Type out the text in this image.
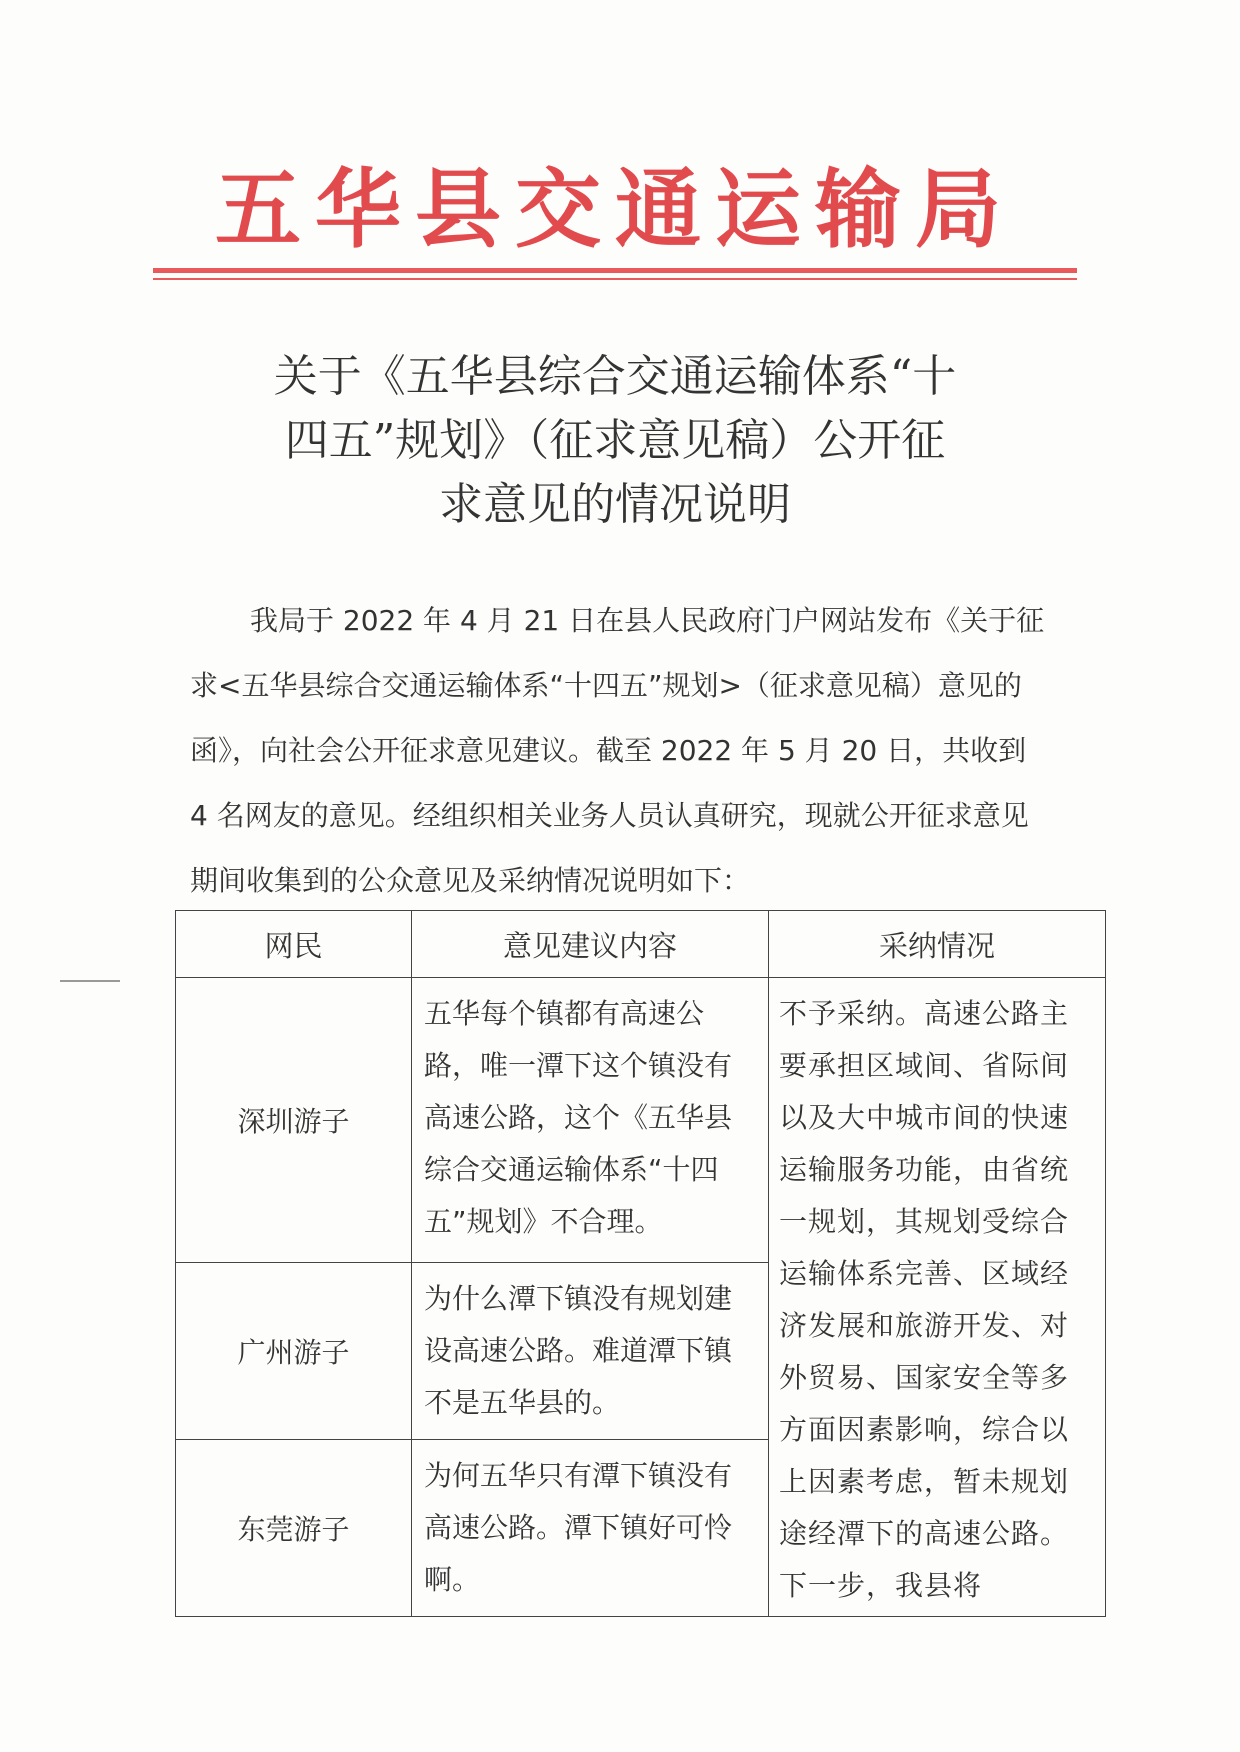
五华县交通运输局
关于《五华县综合交通运输体系“十
四五”规划》（征求意见稿）公开征
求意见的情况说明

我局于 2022 年 4 月 21 日在县人民政府门户网站发布《关于征求<五华县综合交通运输体系“十四五”规划>（征求意见稿）意见的函》，向社会公开征求意见建议。截至 2022 年 5 月 20 日，共收到 4 名网友的意见。经组织相关业务人员认真研究，现就公开征求意见期间收集到的公众意见及采纳情况说明如下：

网民	意见建议内容	采纳情况
深圳游子	五华每个镇都有高速公路，唯一潭下这个镇没有高速公路，这个《五华县综合交通运输体系“十四五”规划》不合理。	不予采纳。高速公路主要承担区域间、省际间以及大中城市间的快速运输服务功能，由省统一规划，其规划受综合运输体系完善、区域经济发展和旅游开发、对外贸易、国家安全等多方面因素影响，综合以上因素考虑，暂未规划途经潭下的高速公路。下一步，我县将
广州游子	为什么潭下镇没有规划建设高速公路。难道潭下镇不是五华县的。	
东莞游子	为何五华只有潭下镇没有高速公路。潭下镇好可怜啊。	
